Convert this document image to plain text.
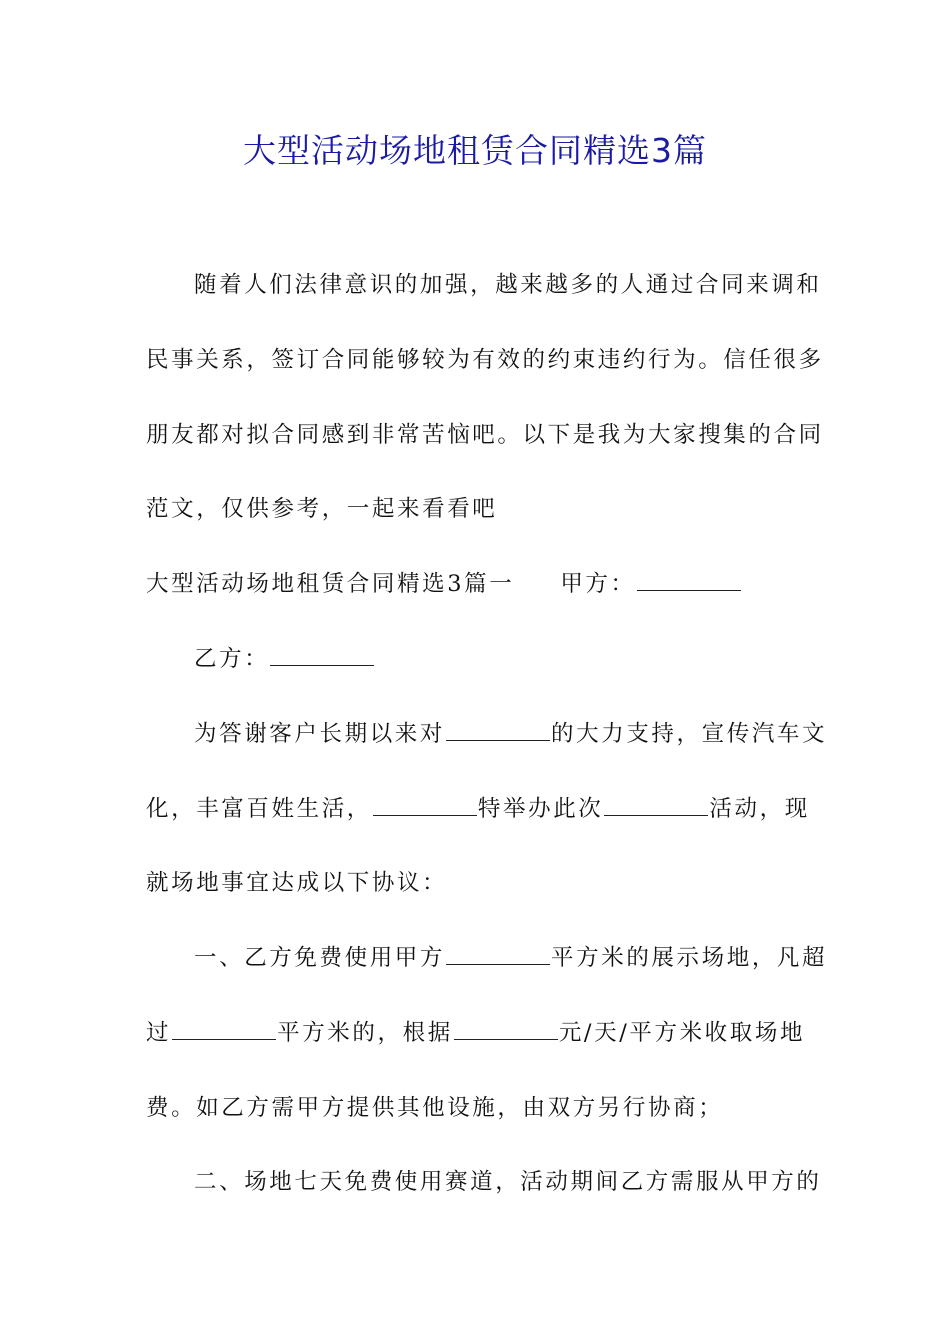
大型活动场地租赁合同精选3篇

随着人们法律意识的加强，越来越多的人通过合同来调和

民事关系，签订合同能够较为有效的约束违约行为。信任很多

朋友都对拟合同感到非常苦恼吧。以下是我为大家搜集的合同

范文，仅供参考，一起来看看吧

大型活动场地租赁合同精选3篇一 甲方：

乙方：

为答谢客户长期以来对	的大力支持，宣传汽车文

化，丰富百姓生活，	特举办此次	活动，现

就场地事宜达成以下协议：

一、乙方免费使用甲方	平方米的展示场地，凡超

过	平方米的，根据	元/天/平方米收取场地

费。如乙方需甲方提供其他设施，由双方另行协商；

二、场地七天免费使用赛道，活动期间乙方需服从甲方的
